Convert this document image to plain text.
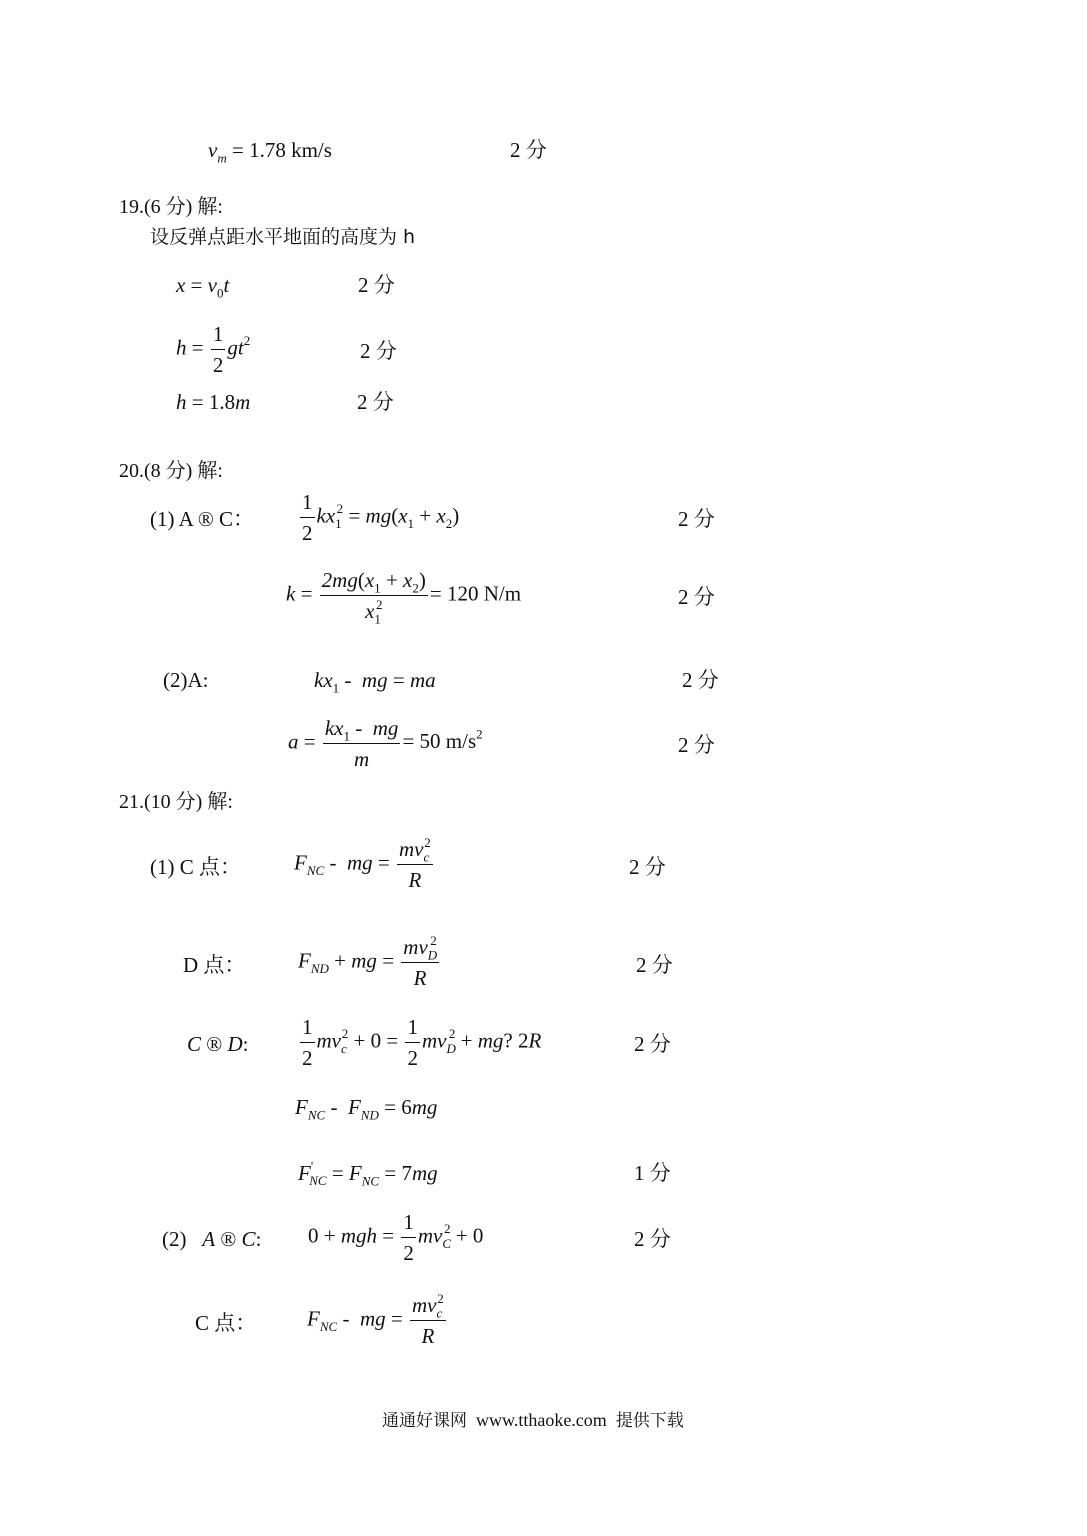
$v_m = 1.78$ km/s	2 分
19.(6 分) 解:
设反弹点距水平地面的高度为 h
$x = v_0t$	2 分
$h = \frac{1}{2} gt^2$	2 分
h = 1.8m	2 分
20.(8 分) 解:
(1) A ® C： $\frac{1}{2} kx_1^2 = mg(x_1 + x_2)$	2 分
$k = \frac{2mg(x_1 + x_2)}{x_1^2} = 120$ N/m	2 分
(2)A:	$kx_1$ -  mg = ma	2 分
$a = \frac{kx_1 - mg}{m} = 50$ $m/s^2$	2 分
21.(10 分) 解:
(1) C 点：	$F_{NC}$ -  mg = $\frac{mv_c^2}{R}$	2 分
D 点：	$F_{ND}$ + mg = $\frac{mv_D^2}{R}$	2 分
C ® D: $\frac{1}{2} mv_c^2 + 0 = \frac{1}{2} mv_D^2$ + mg? 2R	2 分
$F_{NC} - F_{ND} = 6mg$
$F'_{NC} = F_{NC} = 7mg$	1 分
(2)   A ® C: 0 + mgh = $\frac{1}{2} mv_C^2 + 0$	2 分
C 点： $F_{NC}$ -  mg = $\frac{mv_c^2}{R}$
通通好课网 www.tthaoke.com 提供下载
